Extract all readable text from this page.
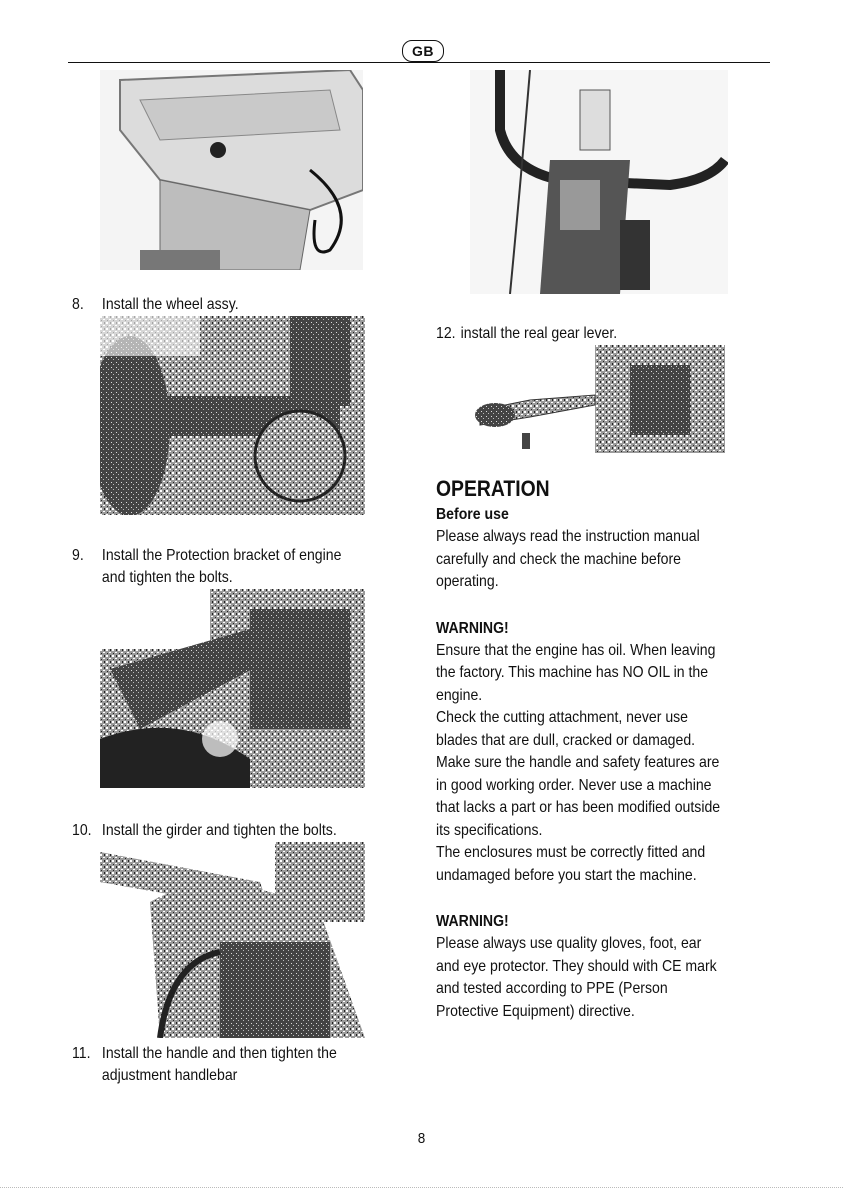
GB
8. Install the wheel assy.
9. Install the Protection bracket of engine
and tighten the bolts.
10. Install the girder and tighten the bolts.
11. Install the handle and then tighten the
adjustment handlebar
12. install the real gear lever.
OPERATION
Before use
Please always read the instruction manual
carefully and check the machine before
operating.
WARNING!
Ensure that the engine has oil. When leaving
the factory. This machine has NO OIL in the
engine.
Check the cutting attachment, never use
blades that are dull, cracked or damaged.
Make sure the handle and safety features are
in good working order. Never use a machine
that lacks a part or has been modified outside
its specifications.
The enclosures must be correctly fitted and
undamaged before you start the machine.
WARNING!
Please always use quality gloves, foot, ear
and eye protector. They should with CE mark
and tested according to PPE (Person
Protective Equipment) directive.
8
